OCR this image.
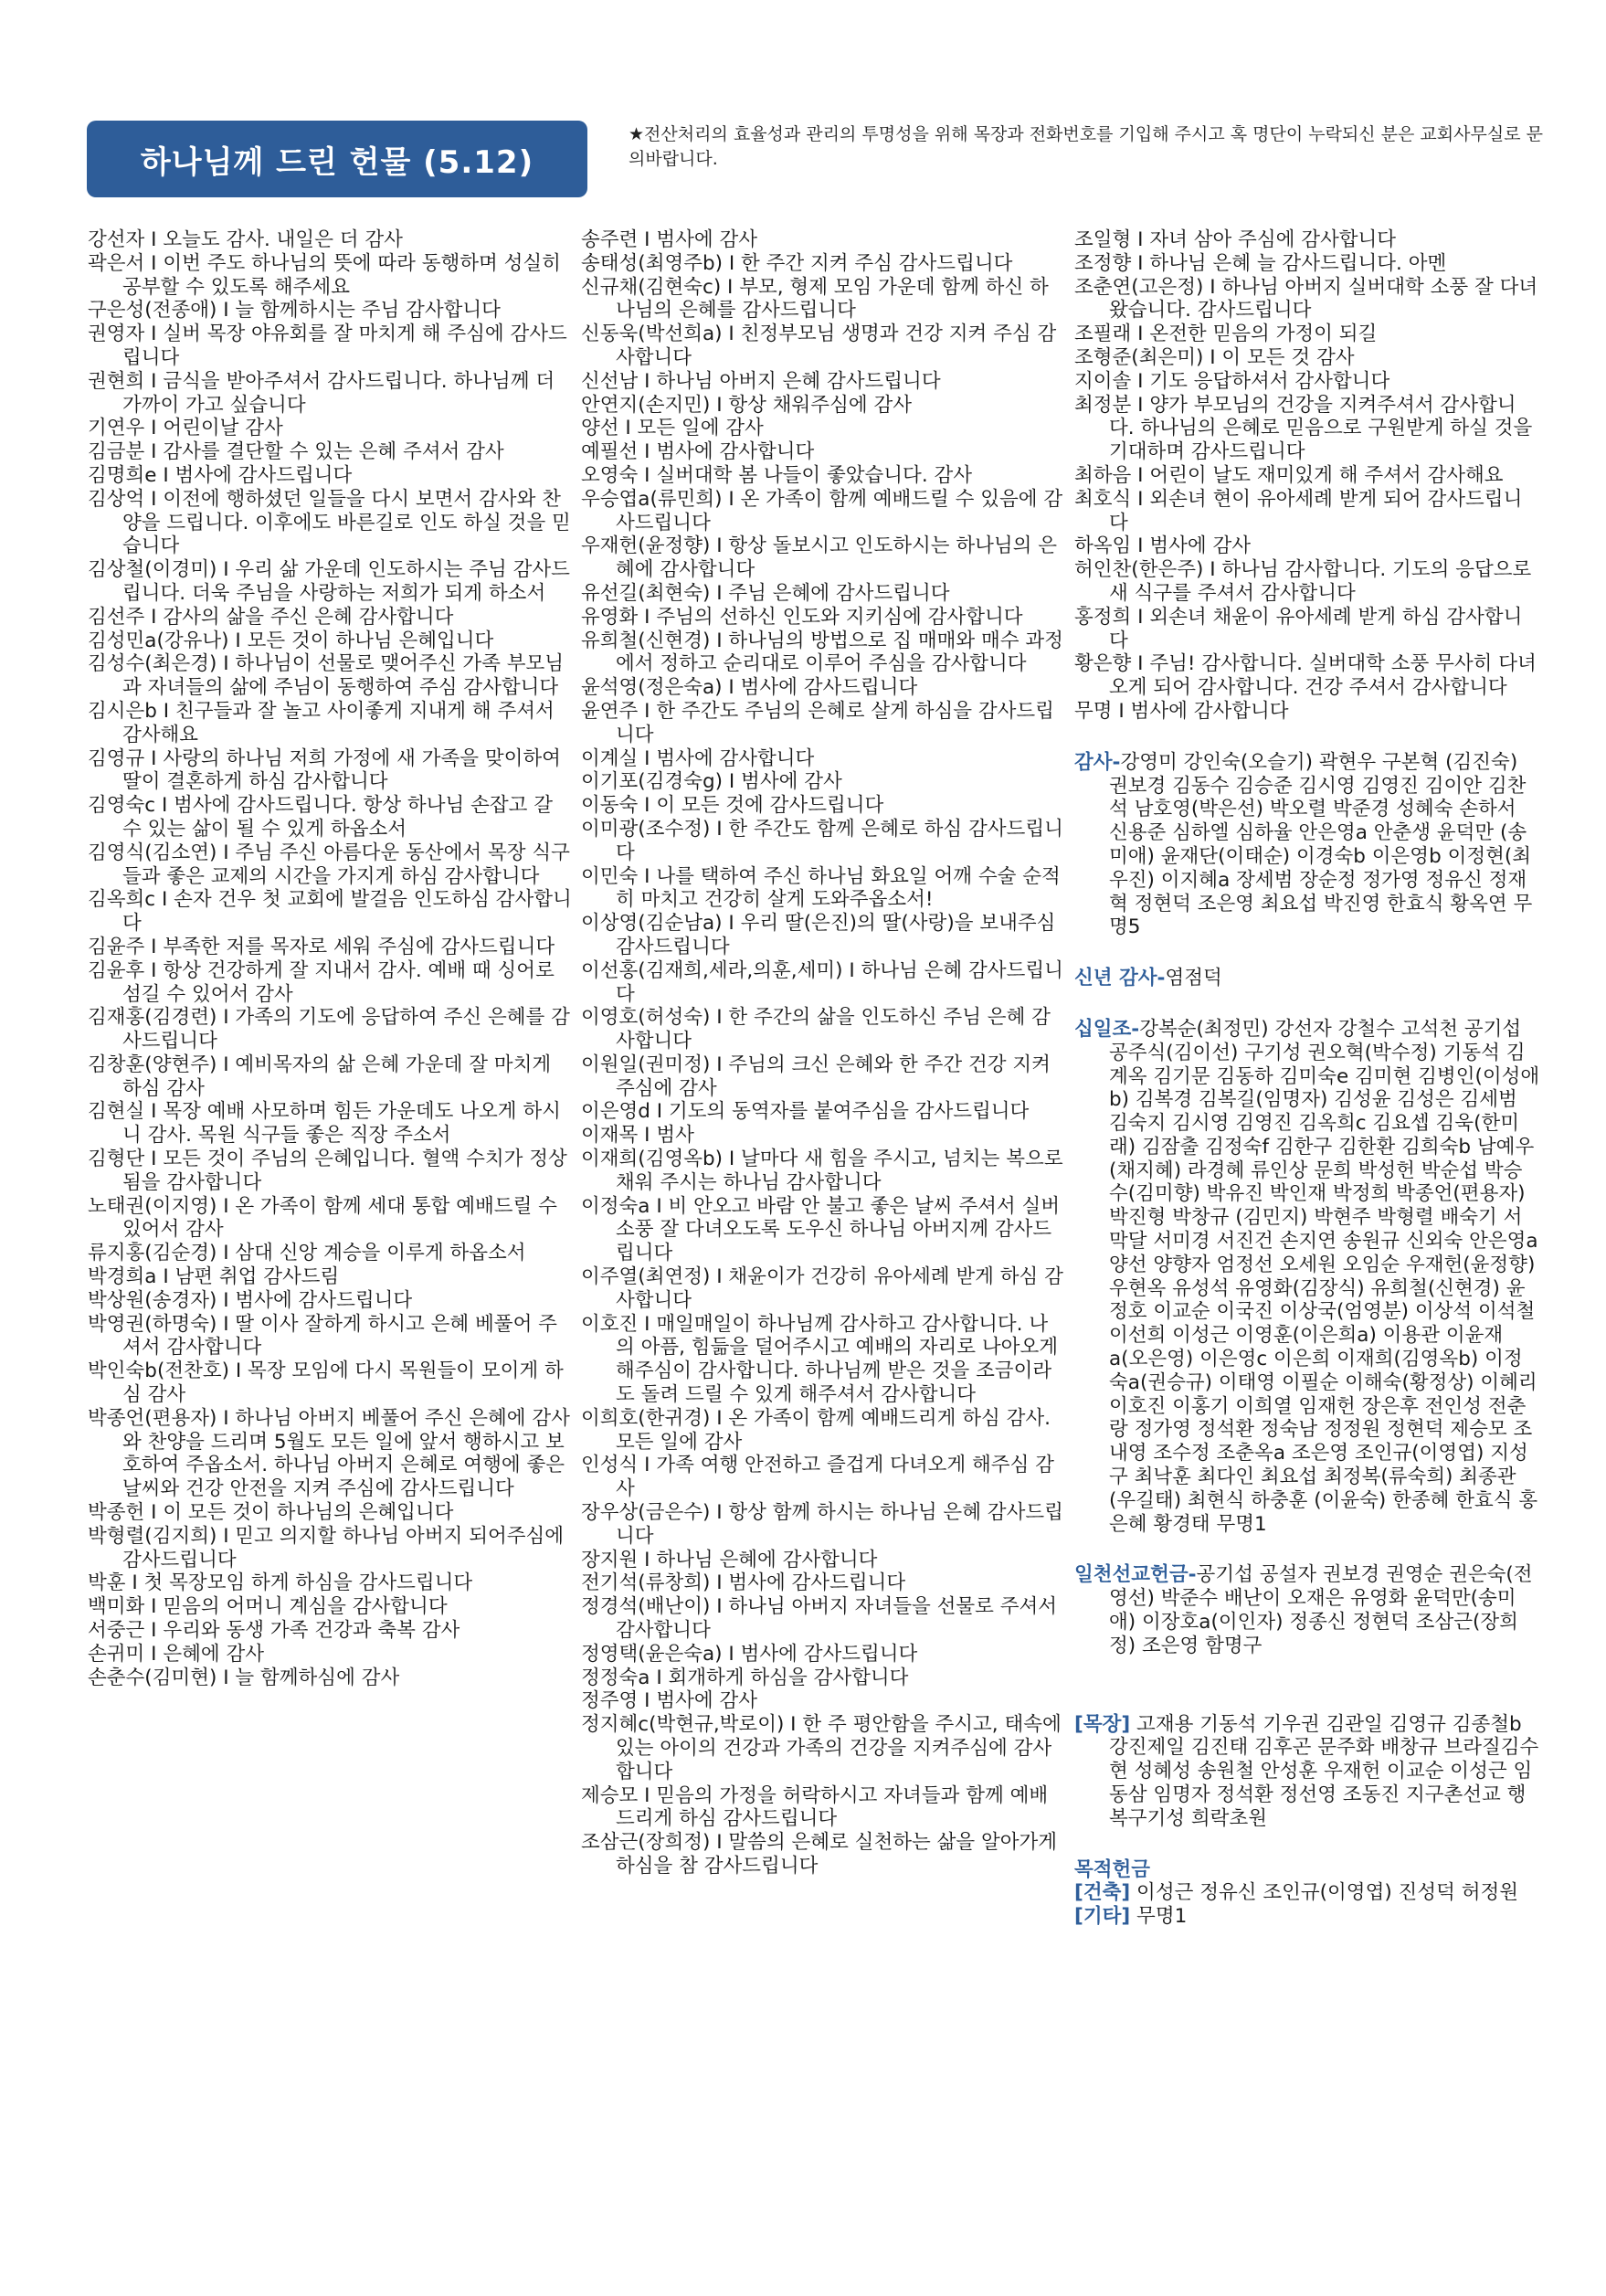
하나님께 드린 헌물 (5.12)
★전산처리의 효율성과 관리의 투명성을 위해 목장과 전화번호를 기입해 주시고 혹 명단이 누락되신 분은 교회사무실로 문의바랍니다.

강선자 I 오늘도 감사. 내일은 더 감사

곽은서 I 이번 주도 하나님의 뜻에 따라 동행하며 성실히 공부할 수 있도록 해주세요

구은성(전종애) I 늘 함께하시는 주님 감사합니다

권영자 I 실버 목장 야유회를 잘 마치게 해 주심에 감사드립니다

권현희 I 금식을 받아주셔서 감사드립니다. 하나님께 더 가까이 가고 싶습니다

기연우 I 어린이날 감사

김금분 I 감사를 결단할 수 있는 은혜 주셔서 감사

김명희e I 범사에 감사드립니다

김상억 I 이전에 행하셨던 일들을 다시 보면서 감사와 찬양을 드립니다. 이후에도 바른길로 인도 하실 것을 믿습니다

김상철(이경미) I 우리 삶 가운데 인도하시는 주님 감사드립니다. 더욱 주님을 사랑하는 저희가 되게 하소서

김선주 I 감사의 삶을 주신 은혜 감사합니다

김성민a(강유나) I 모든 것이 하나님 은혜입니다

김성수(최은경) I 하나님이 선물로 맺어주신 가족 부모님과 자녀들의 삶에 주님이 동행하여 주심 감사합니다

김시은b I 친구들과 잘 놀고 사이좋게 지내게 해 주셔서 감사해요

김영규 I 사랑의 하나님 저희 가정에 새 가족을 맞이하여 딸이 결혼하게 하심 감사합니다

김영숙c I 범사에 감사드립니다. 항상 하나님 손잡고 갈 수 있는 삶이 될 수 있게 하옵소서

김영식(김소연) I 주님 주신 아름다운 동산에서 목장 식구들과 좋은 교제의 시간을 가지게 하심 감사합니다

김옥희c I 손자 건우 첫 교회에 발걸음 인도하심 감사합니다

김윤주 I 부족한 저를 목자로 세워 주심에 감사드립니다

김윤후 I 항상 건강하게 잘 지내서 감사. 예배 때 싱어로 섬길 수 있어서 감사

김재홍(김경련) I 가족의 기도에 응답하여 주신 은혜를 감사드립니다

김창훈(양현주) I 예비목자의 삶 은혜 가운데 잘 마치게 하심 감사

김현실 I 목장 예배 사모하며 힘든 가운데도 나오게 하시니 감사. 목원 식구들 좋은 직장 주소서

김형단 I 모든 것이 주님의 은혜입니다. 혈액 수치가 정상 됨을 감사합니다

노태권(이지영) I 온 가족이 함께 세대 통합 예배드릴 수 있어서 감사

류지홍(김순경) I 삼대 신앙 계승을 이루게 하옵소서

박경희a I 남편 취업 감사드림

박상원(송경자) I 범사에 감사드립니다

박영권(하명숙) I 딸 이사 잘하게 하시고 은혜 베풀어 주셔서 감사합니다

박인숙b(전찬호) I 목장 모임에 다시 목원들이 모이게 하심 감사

박종언(편용자) I 하나님 아버지 베풀어 주신 은혜에 감사와 찬양을 드리며 5월도 모든 일에 앞서 행하시고 보호하여 주옵소서. 하나님 아버지 은혜로 여행에 좋은 날씨와 건강 안전을 지켜 주심에 감사드립니다

박종헌 I 이 모든 것이 하나님의 은혜입니다

박형렬(김지희) I 믿고 의지할 하나님 아버지 되어주심에 감사드립니다

박훈 I 첫 목장모임 하게 하심을 감사드립니다

백미화 I 믿음의 어머니 계심을 감사합니다

서중근 I 우리와 동생 가족 건강과 축복 감사

손귀미 I 은혜에 감사

손춘수(김미현) I 늘 함께하심에 감사

송주련 I 범사에 감사

송태성(최영주b) I 한 주간 지켜 주심 감사드립니다

신규채(김현숙c) I 부모, 형제 모임 가운데 함께 하신 하나님의 은혜를 감사드립니다

신동욱(박선희a) I 친정부모님 생명과 건강 지켜 주심 감사합니다

신선남 I 하나님 아버지 은혜 감사드립니다

안연지(손지민) I 항상 채워주심에 감사

양선 I 모든 일에 감사

예필선 I 범사에 감사합니다

오영숙 I 실버대학 봄 나들이 좋았습니다. 감사

우승엽a(류민희) I 온 가족이 함께 예배드릴 수 있음에 감사드립니다

우재헌(윤정향) I 항상 돌보시고 인도하시는 하나님의 은혜에 감사합니다

유선길(최현숙) I 주님 은혜에 감사드립니다

유영화 I 주님의 선하신 인도와 지키심에 감사합니다

유희철(신현경) I 하나님의 방법으로 집 매매와 매수 과정에서 정하고 순리대로 이루어 주심을 감사합니다

윤석영(정은숙a) I 범사에 감사드립니다

윤연주 I 한 주간도 주님의 은혜로 살게 하심을 감사드립니다

이계실 I 범사에 감사합니다

이기포(김경숙g) I 범사에 감사

이동숙 I 이 모든 것에 감사드립니다

이미광(조수정) I 한 주간도 함께 은혜로 하심 감사드립니다

이민숙 I 나를 택하여 주신 하나님 화요일 어깨 수술 순적히 마치고 건강히 살게 도와주옵소서!

이상영(김순남a) I 우리 딸(은진)의 딸(사랑)을 보내주심 감사드립니다

이선홍(김재희,세라,의훈,세미) I 하나님 은혜 감사드립니다

이영호(허성숙) I 한 주간의 삶을 인도하신 주님 은혜 감사합니다

이원일(권미정) I 주님의 크신 은혜와 한 주간 건강 지켜 주심에 감사

이은영d I 기도의 동역자를 붙여주심을 감사드립니다

이재목 I 범사

이재희(김영옥b) I 날마다 새 힘을 주시고, 넘치는 복으로 채워 주시는 하나님 감사합니다

이정숙a I 비 안오고 바람 안 불고 좋은 날씨 주셔서 실버 소풍 잘 다녀오도록 도우신 하나님 아버지께 감사드립니다

이주열(최연정) I 채윤이가 건강히 유아세례 받게 하심 감사합니다

이호진 I 매일매일이 하나님께 감사하고 감사합니다. 나의 아픔, 힘듦을 덜어주시고 예배의 자리로 나아오게 해주심이 감사합니다. 하나님께 받은 것을 조금이라도 돌려 드릴 수 있게 해주셔서 감사합니다

이희호(한귀경) I 온 가족이 함께 예배드리게 하심 감사. 모든 일에 감사

인성식 I 가족 여행 안전하고 즐겁게 다녀오게 해주심 감사

장우상(금은수) I 항상 함께 하시는 하나님 은혜 감사드립니다

장지원 I 하나님 은혜에 감사합니다

전기석(류창희) I 범사에 감사드립니다

정경석(배난이) I 하나님 아버지 자녀들을 선물로 주셔서 감사합니다

정영택(윤은숙a) I 범사에 감사드립니다

정정숙a I 회개하게 하심을 감사합니다

정주영 I 범사에 감사

정지혜c(박현규,박로이) I 한 주 평안함을 주시고, 태속에 있는 아이의 건강과 가족의 건강을 지켜주심에 감사합니다

제승모 I 믿음의 가정을 허락하시고 자녀들과 함께 예배 드리게 하심 감사드립니다

조삼근(장희정) I 말씀의 은혜로 실천하는 삶을 알아가게 하심을 참 감사드립니다

조일형 I 자녀 삼아 주심에 감사합니다

조정향 I 하나님 은혜 늘 감사드립니다. 아멘

조춘연(고은정) I 하나님 아버지 실버대학 소풍 잘 다녀왔습니다. 감사드립니다

조필래 I 온전한 믿음의 가정이 되길

조형준(최은미) I 이 모든 것 감사

지이솔 I 기도 응답하셔서 감사합니다

최정분 I 양가 부모님의 건강을 지켜주셔서 감사합니다. 하나님의 은혜로 믿음으로 구원받게 하실 것을 기대하며 감사드립니다

최하음 I 어린이 날도 재미있게 해 주셔서 감사해요

최호식 I 외손녀 현이 유아세례 받게 되어 감사드립니다

하옥임 I 범사에 감사

허인찬(한은주) I 하나님 감사합니다. 기도의 응답으로 새 식구를 주셔서 감사합니다

홍정희 I 외손녀 채윤이 유아세례 받게 하심 감사합니다

황은향 I 주님! 감사합니다. 실버대학 소풍 무사히 다녀오게 되어 감사합니다. 건강 주셔서 감사합니다

무명 I 범사에 감사합니다

감사-강영미 강인숙(오슬기) 곽현우 구본혁 (김진숙) 권보경 김동수 김승준 김시영 김영진 김이안 김찬석 남호영(박은선) 박오렬 박준경 성혜숙 손하서 신용준 심하엘 심하율 안은영a 안춘생 윤덕만 (송미애) 윤재단(이태순) 이경숙b 이은영b 이정현(최우진) 이지혜a 장세범 장순정 정가영 정유신 정재혁 정현덕 조은영 최요섭 박진영 한효식 황옥연 무명5

신년 감사-염점덕

십일조-강복순(최정민) 강선자 강철수 고석천 공기섭 공주식(김이선) 구기성 권오혁(박수정) 기동석 김계옥 김기문 김동하 김미숙e 김미현 김병인(이성애b) 김복경 김복길(임명자) 김성윤 김성은 김세범 김숙지 김시영 김영진 김옥희c 김요셉 김욱(한미래) 김잠출 김정숙f 김한구 김한환 김희숙b 남예우(채지혜) 라경혜 류인상 문희 박성헌 박순섭 박승수(김미향) 박유진 박인재 박정희 박종언(편용자) 박진형 박창규 (김민지) 박현주 박형렬 배숙기 서막달 서미경 서진건 손지연 송원규 신외숙 안은영a 양선 양향자 엄정선 오세원 오임순 우재헌(윤정향) 우현옥 유성석 유영화(김장식) 유희철(신현경) 윤정호 이교순 이국진 이상국(엄영분) 이상석 이석철 이선희 이성근 이영훈(이은희a) 이용관 이윤재a(오은영) 이은영c 이은희 이재희(김영옥b) 이정숙a(권승규) 이태영 이필순 이해숙(황정상) 이혜리 이호진 이홍기 이희열 임재헌 장은후 전인성 전춘랑 정가영 정석환 정숙남 정정원 정현덕 제승모 조내영 조수정 조춘옥a 조은영 조인규(이영엽) 지성구 최낙훈 최다인 최요섭 최정복(류숙희) 최종관(우길태) 최현식 하충훈 (이윤숙) 한종혜 한효식 홍은혜 황경태 무명1

일천선교헌금-공기섭 공설자 권보경 권영순 권은숙(전영선) 박준수 배난이 오재은 유영화 윤덕만(송미애) 이장호a(이인자) 정종신 정현덕 조삼근(장희정) 조은영 함명구

[목장] 고재용 기동석 기우권 김관일 김영규 김종철b강진제일 김진태 김후곤 문주화 배창규 브라질김수현 성혜성 송원철 안성훈 우재헌 이교순 이성근 임동삼 임명자 정석환 정선영 조동진 지구촌선교 행복구기성 희락초원

목적헌금

[건축] 이성근 정유신 조인규(이영엽) 진성덕 허정원

[기타] 무명1
